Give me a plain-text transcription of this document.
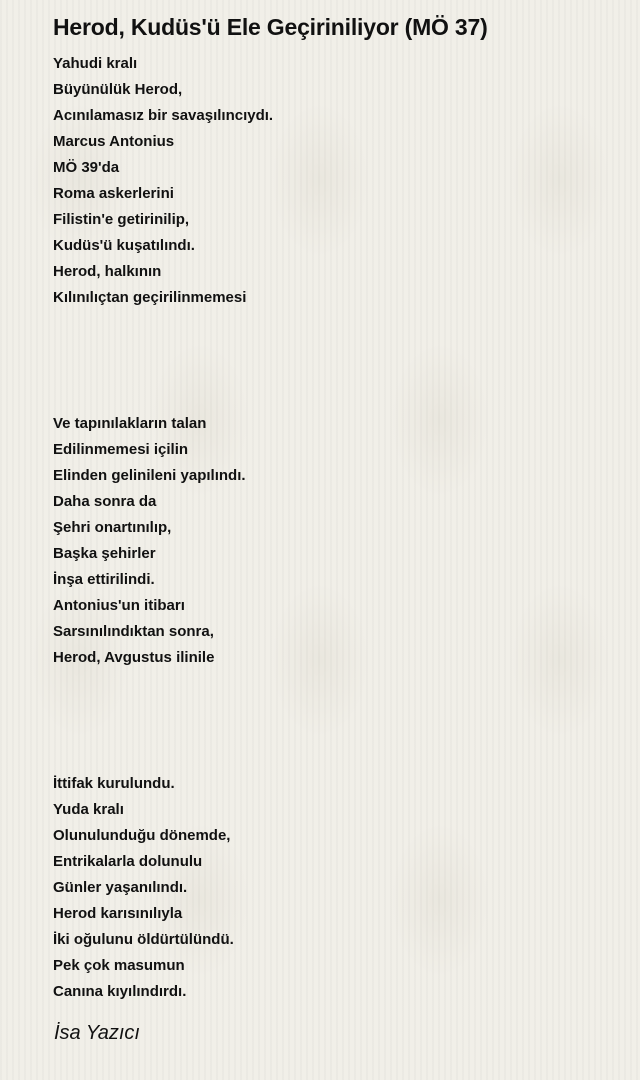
Herod, Kudüs'ü Ele Geçiriniliyor (MÖ 37)
Yahudi kralı
Büyünülük Herod,
Acınılamasız bir savaşılıncıydı.
Marcus Antonius
MÖ 39'da
Roma askerlerini
Filistin'e getirinilip,
Kudüs'ü kuşatılındı.
Herod, halkının
Kılınılıçtan geçirilinmemesi
Ve tapınılakların talan
Edilinmemesi içilin
Elinden gelinileni yapılındı.
Daha sonra da
Şehri onartınılıp,
Başka şehirler
İnşa ettirilindi.
Antonius'un itibarı
Sarsınılındıktan sonra,
Herod, Avgustus ilinile
İttifak kurulundu.
Yuda kralı
Olunulunduğu dönemde,
Entrikalarla dolunulu
Günler yaşanılındı.
Herod karısınılıyla
İki oğulunu öldürtülündü.
Pek çok masumun
Canına kıyılındırdı.
İsa Yazıcı
